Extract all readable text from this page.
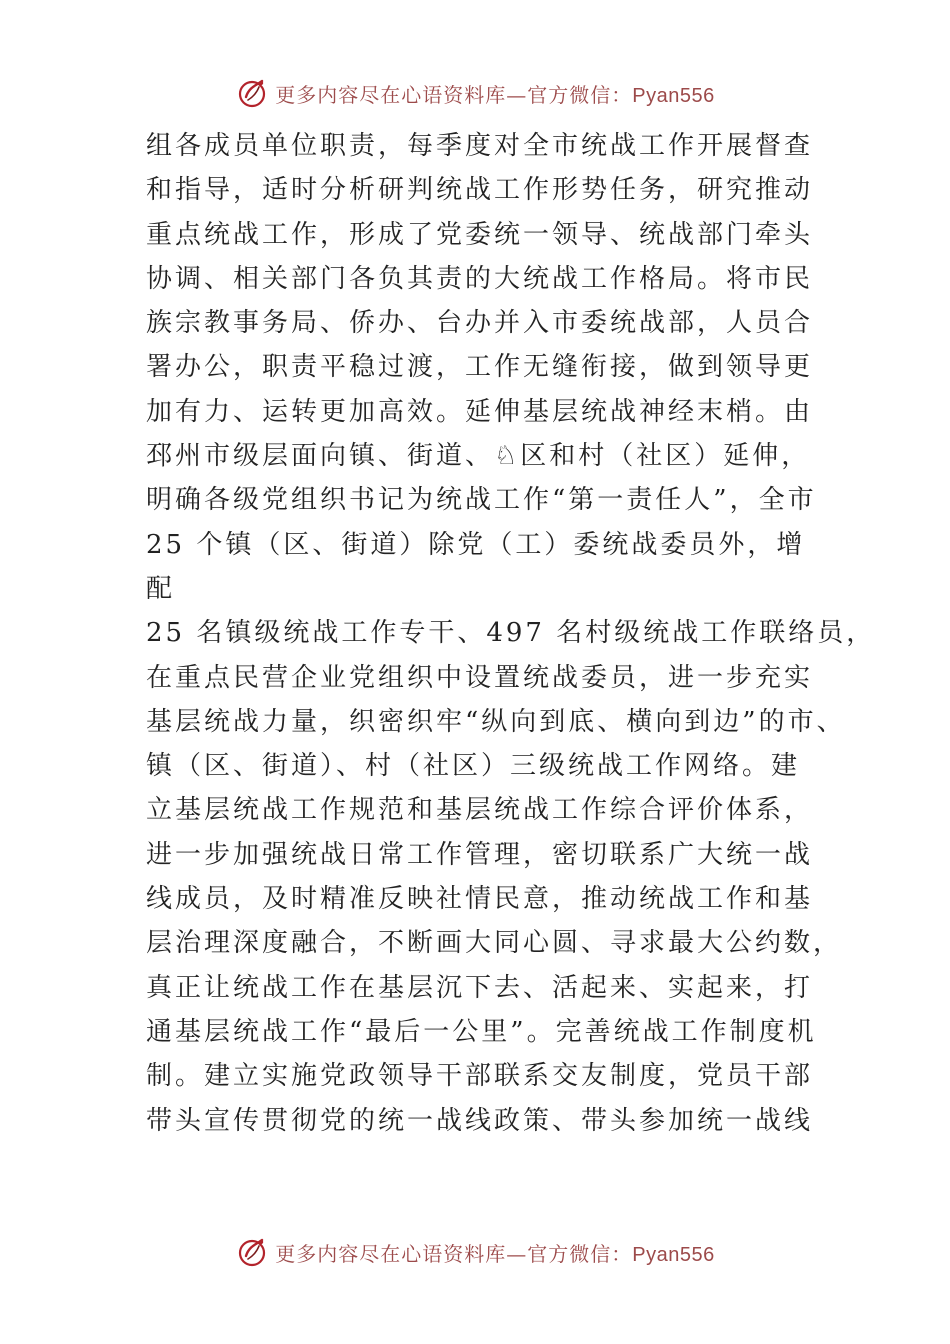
更多内容尽在心语资料库—官方微信：Pyan556
组各成员单位职责，每季度对全市统战工作开展督查
和指导，适时分析研判统战工作形势任务，研究推动
重点统战工作，形成了党委统一领导、统战部门牵头
协调、相关部门各负其责的大统战工作格局。将市民
族宗教事务局、侨办、台办并入市委统战部，人员合
署办公，职责平稳过渡，工作无缝衔接，做到领导更
加有力、运转更加高效。延伸基层统战神经末梢。由
邳州市级层面向镇、街道、♘区和村（社区）延伸，
明确各级党组织书记为统战工作“第一责任人”，全市
25 个镇（区、街道）除党（工）委统战委员外，增
配
25 名镇级统战工作专干、497 名村级统战工作联络员，
在重点民营企业党组织中设置统战委员，进一步充实
基层统战力量，织密织牢“纵向到底、横向到边”的市、
镇（区、街道）、村（社区）三级统战工作网络。建
立基层统战工作规范和基层统战工作综合评价体系，
进一步加强统战日常工作管理，密切联系广大统一战
线成员，及时精准反映社情民意，推动统战工作和基
层治理深度融合，不断画大同心圆、寻求最大公约数，
真正让统战工作在基层沉下去、活起来、实起来，打
通基层统战工作“最后一公里”。完善统战工作制度机
制。建立实施党政领导干部联系交友制度，党员干部
带头宣传贯彻党的统一战线政策、带头参加统一战线
更多内容尽在心语资料库—官方微信：Pyan556
